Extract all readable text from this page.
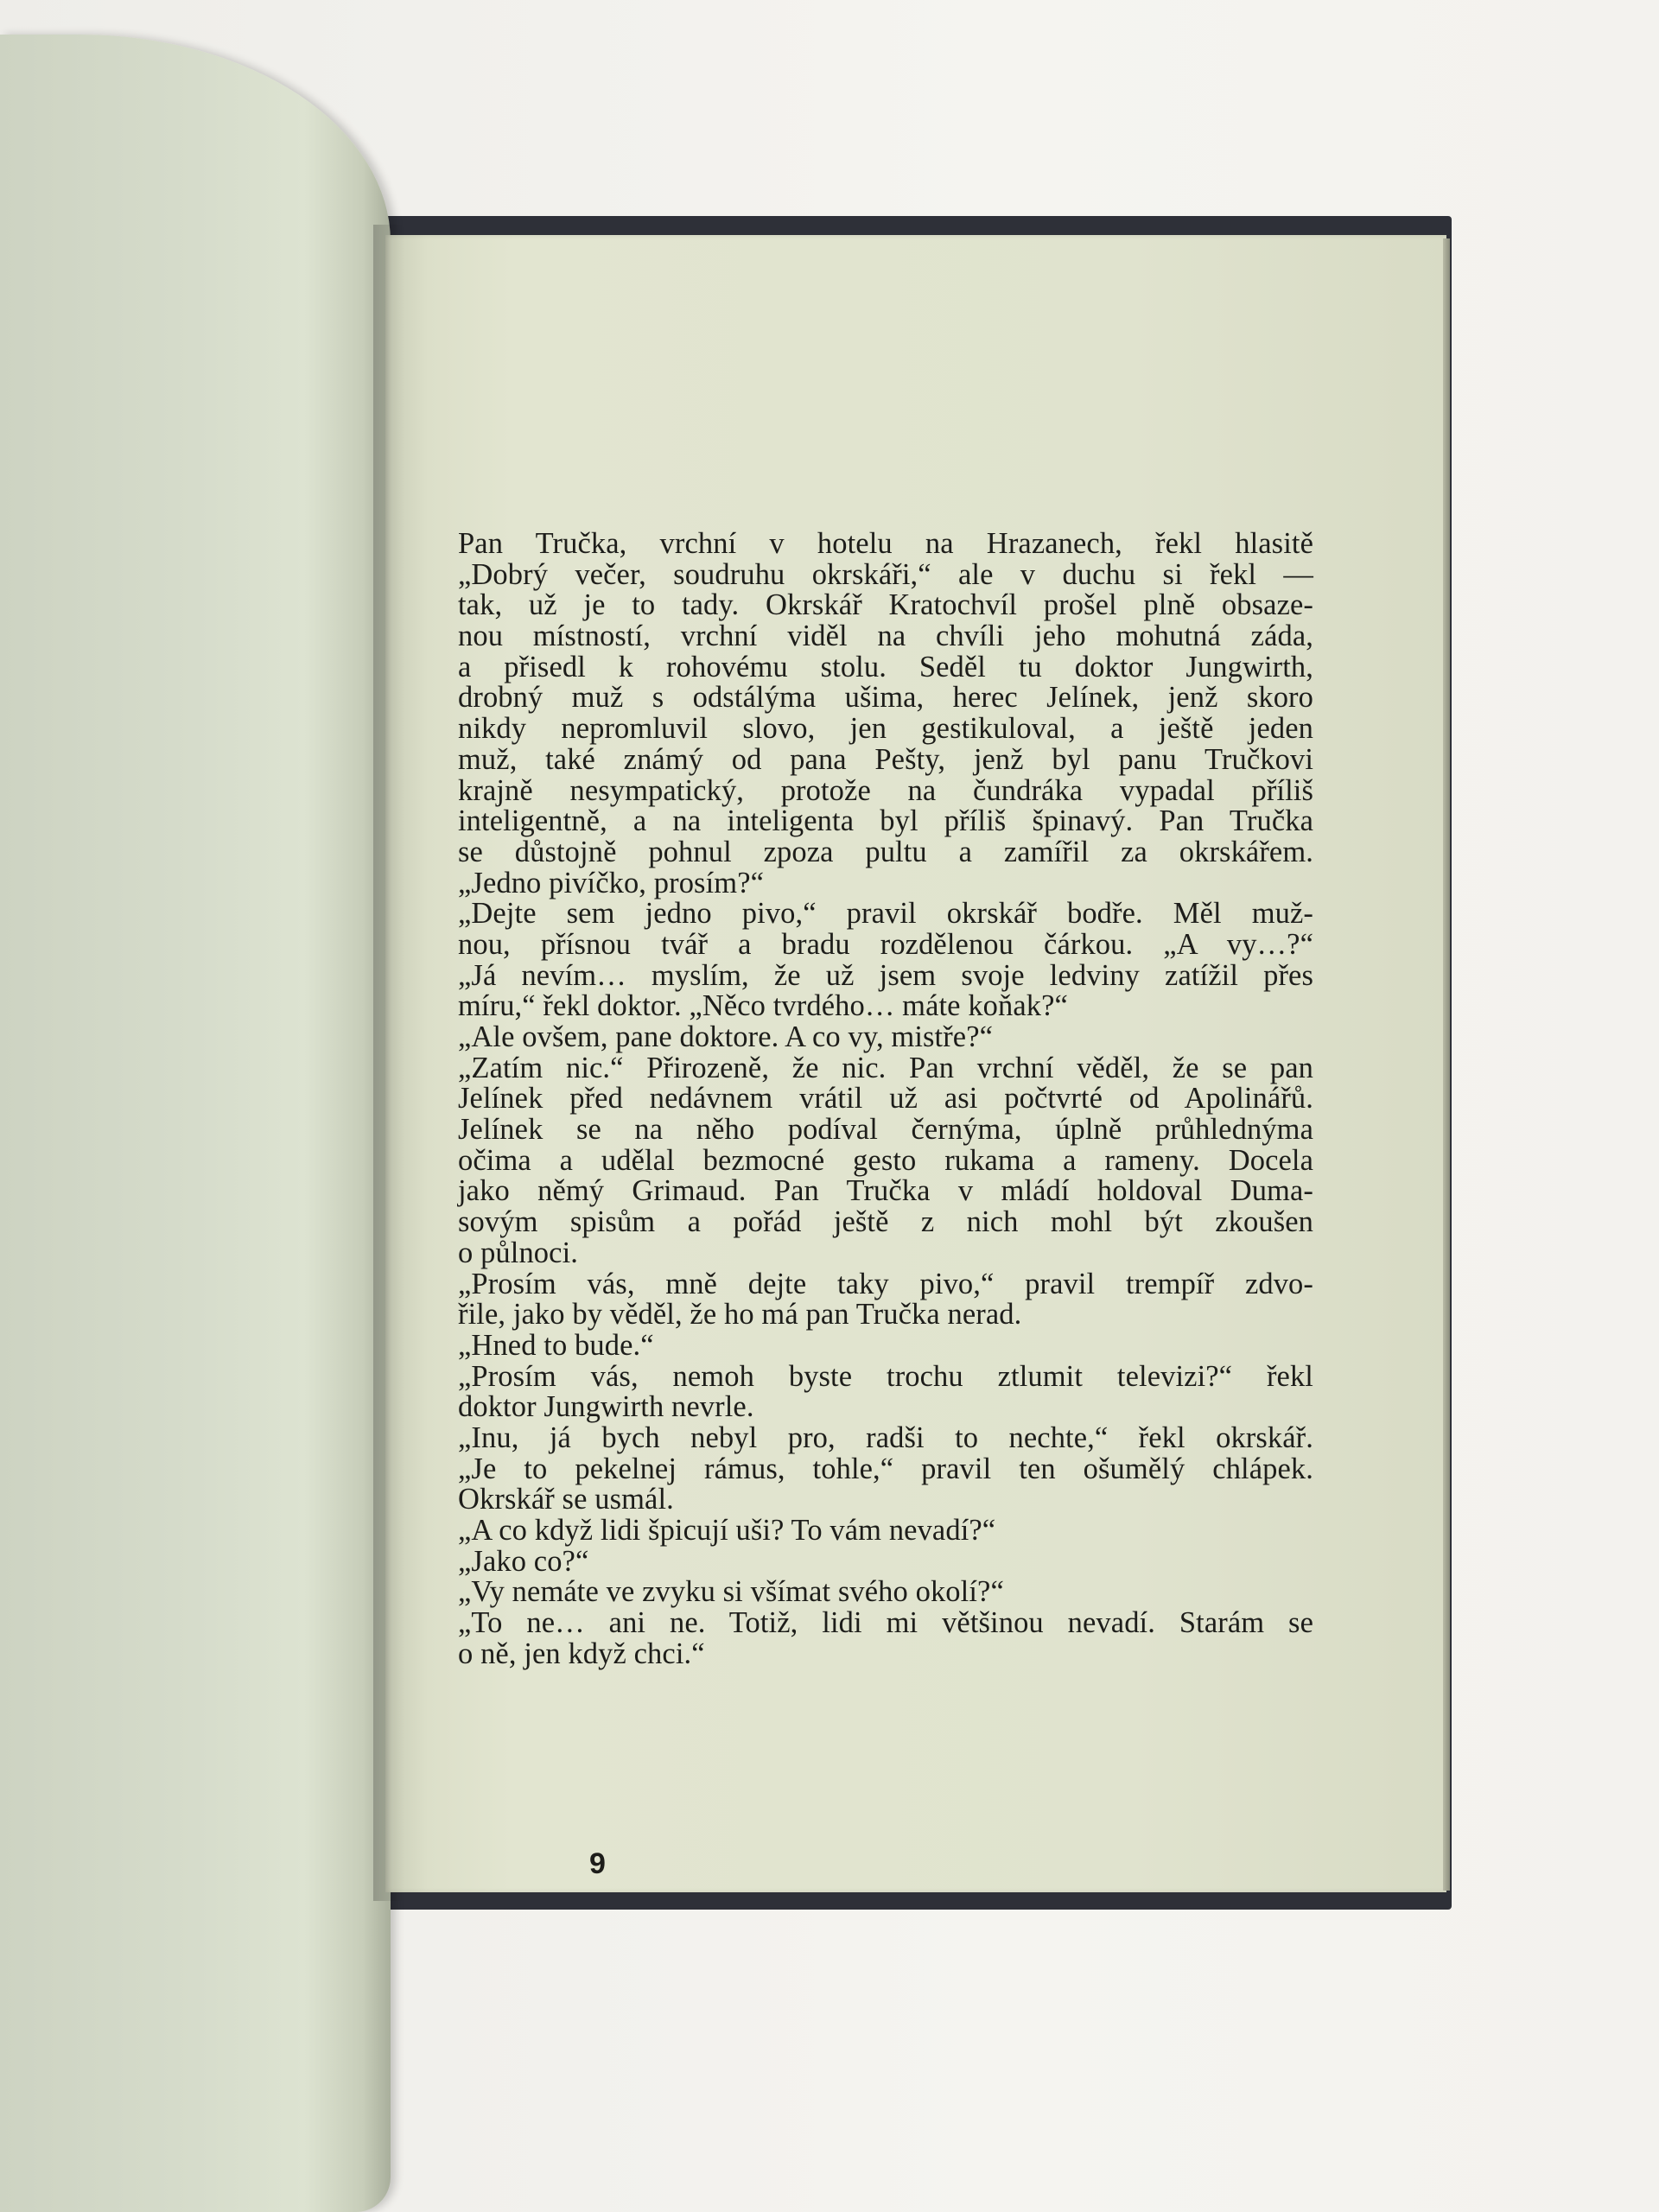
Pan Tručka, vrchní v hotelu na Hrazanech, řekl hlasitě
„Dobrý večer, soudruhu okrskáři,“ ale v duchu si řekl —
tak, už je to tady. Okrskář Kratochvíl prošel plně obsaze-
nou místností, vrchní viděl na chvíli jeho mohutná záda,
a přisedl k rohovému stolu. Seděl tu doktor Jungwirth,
drobný muž s odstálýma ušima, herec Jelínek, jenž skoro
nikdy nepromluvil slovo, jen gestikuloval, a ještě jeden
muž, také známý od pana Pešty, jenž byl panu Tručkovi
krajně nesympatický, protože na čundráka vypadal příliš
inteligentně, a na inteligenta byl příliš špinavý. Pan Tručka
se důstojně pohnul zpoza pultu a zamířil za okrskářem.
„Jedno pivíčko, prosím?“
„Dejte sem jedno pivo,“ pravil okrskář bodře. Měl muž-
nou, přísnou tvář a bradu rozdělenou čárkou. „A vy…?“
„Já nevím… myslím, že už jsem svoje ledviny zatížil přes
míru,“ řekl doktor. „Něco tvrdého… máte koňak?“
„Ale ovšem, pane doktore. A co vy, mistře?“
„Zatím nic.“ Přirozeně, že nic. Pan vrchní věděl, že se pan
Jelínek před nedávnem vrátil už asi počtvrté od Apolinářů.
Jelínek se na něho podíval černýma, úplně průhlednýma
očima a udělal bezmocné gesto rukama a rameny. Docela
jako němý Grimaud. Pan Tručka v mládí holdoval Duma-
sovým spisům a pořád ještě z nich mohl být zkoušen
o půlnoci.
„Prosím vás, mně dejte taky pivo,“ pravil trempíř zdvo-
řile, jako by věděl, že ho má pan Tručka nerad.
„Hned to bude.“
„Prosím vás, nemoh byste trochu ztlumit televizi?“ řekl
doktor Jungwirth nevrle.
„Inu, já bych nebyl pro, radši to nechte,“ řekl okrskář.
„Je to pekelnej rámus, tohle,“ pravil ten ošumělý chlápek.
Okrskář se usmál.
„A co když lidi špicují uši? To vám nevadí?“
„Jako co?“
„Vy nemáte ve zvyku si všímat svého okolí?“
„To ne… ani ne. Totiž, lidi mi většinou nevadí. Starám se
o ně, jen když chci.“
9
